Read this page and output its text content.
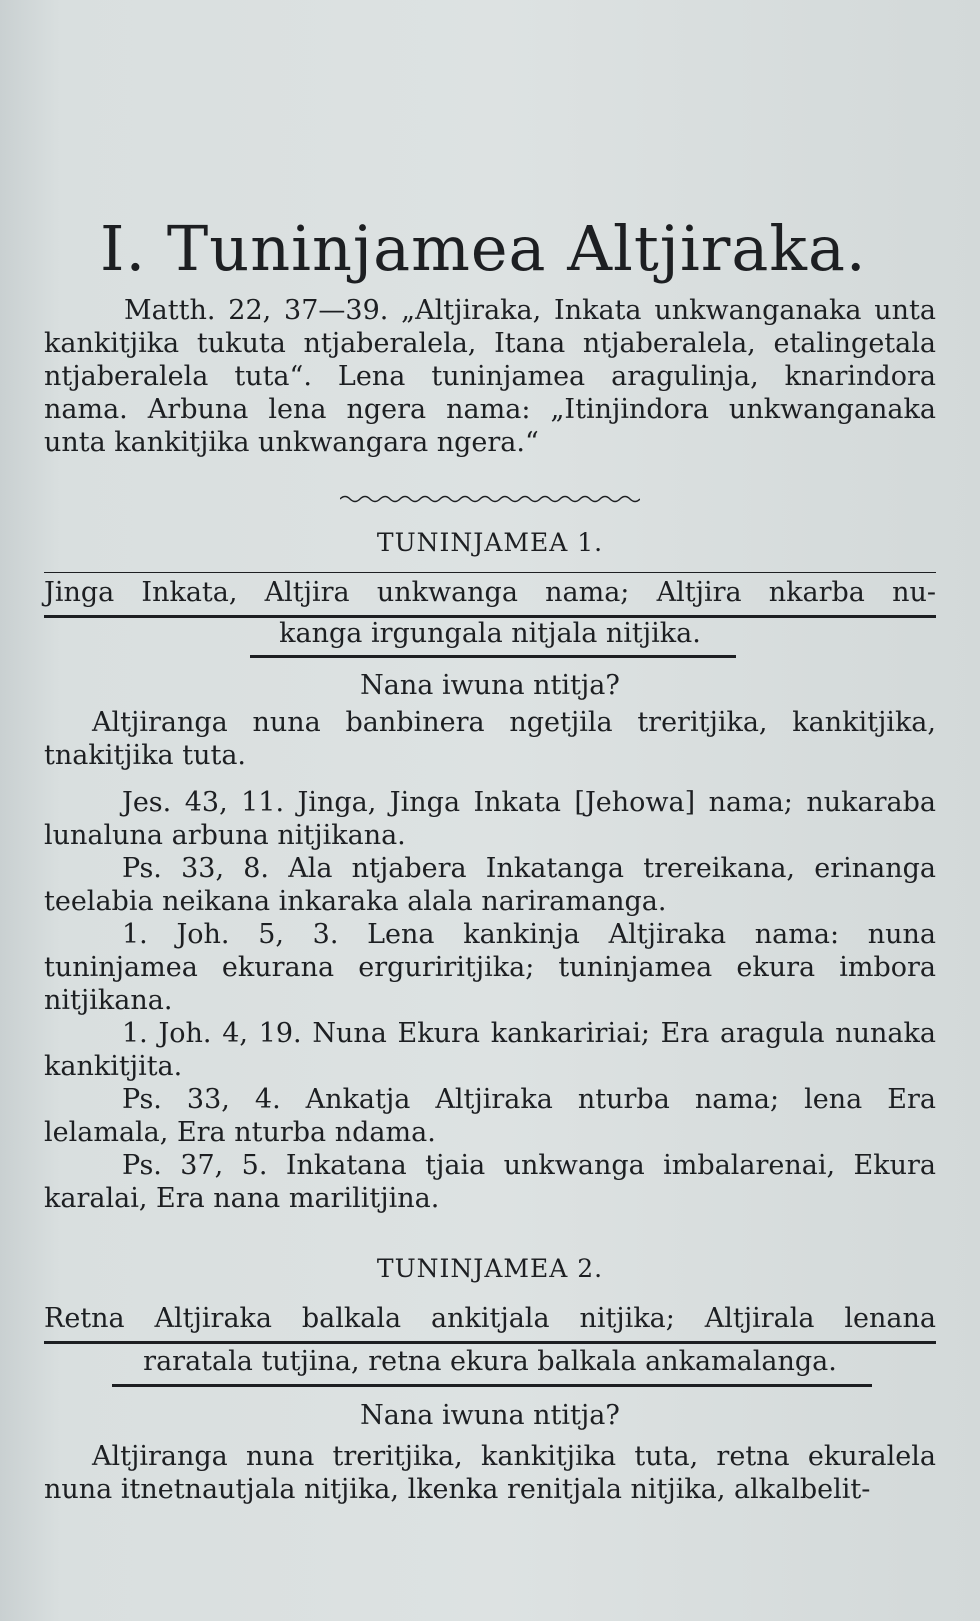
I. Tuninjamea Altjiraka.

Matth. 22, 37—39. „Altjiraka, Inkata unkwanganaka unta kankitjika tukuta ntjaberalela, Itana ntjaberalela, etalingetala ntjaberalela tuta“. Lena tuninjamea aragulinja, knarindora nama. Arbuna lena ngera nama: „Itinjindora unkwanganaka unta kankitjika unkwangara ngera.“

TUNINJAMEA 1.

Jinga Inkata, Altjira unkwanga nama; Altjira nkarba nu-

kanga irgungala nitjala nitjika.
Nana iwuna ntitja?

Altjiranga nuna banbinera ngetjila treritjika, kankitjika, tnakitjika tuta.

Jes. 43, 11. Jinga, Jinga Inkata [Jehowa] nama; nukaraba lunaluna arbuna nitjikana.

Ps. 33, 8. Ala ntjabera Inkatanga trereikana, erinanga teelabia neikana inkaraka alala nariramanga.

1. Joh. 5, 3. Lena kankinja Altjiraka nama: nuna tuninjamea ekurana erguriritjika; tuninjamea ekura imbora nitjikana.

1. Joh. 4, 19. Nuna Ekura kankaririai; Era aragula nunaka kankitjita.

Ps. 33, 4. Ankatja Altjiraka nturba nama; lena Era lelamala, Era nturba ndama.

Ps. 37, 5. Inkatana tjaia unkwanga imbalarenai, Ekura karalai, Era nana marilitjina.

TUNINJAMEA 2.

Retna Altjiraka balkala ankitjala nitjika; Altjirala lenana

raratala tutjina, retna ekura balkala ankamalanga.
Nana iwuna ntitja?

Altjiranga nuna treritjika, kankitjika tuta, retna ekuralela nuna itnetnautjala nitjika, lkenka renitjala nitjika, alkalbelit-
